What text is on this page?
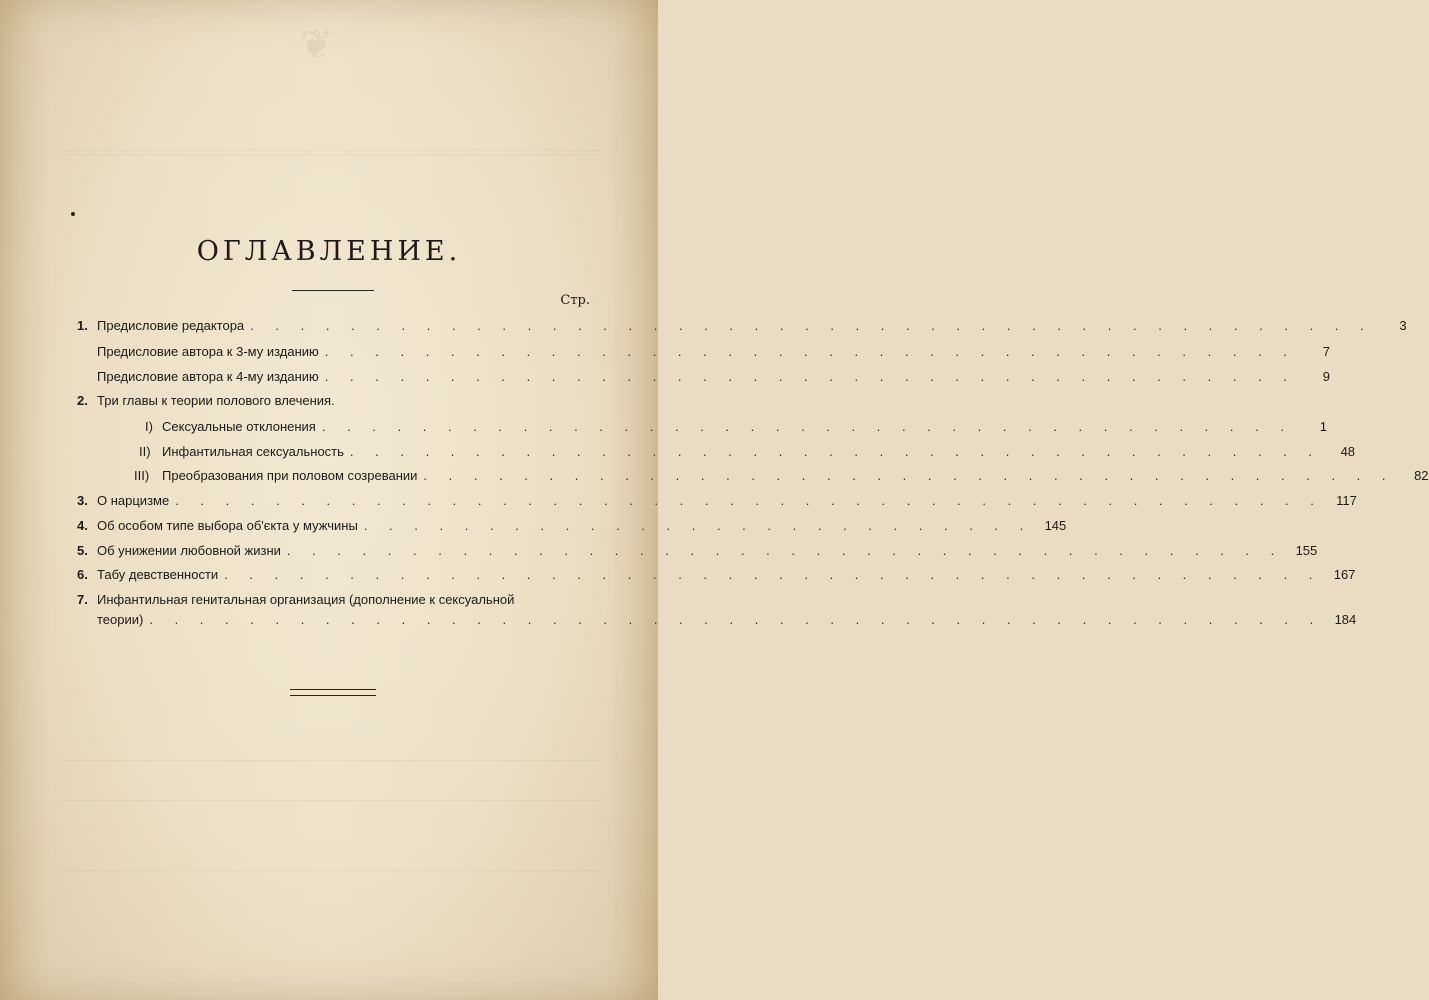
❦
ОГЛАВЛЕНИЕ.
Стр.
1. Предисловие редактора . . . . . . . . . . . . . . . . . . . . . . . . . . . . . . . . . . . . . . . . . . . . .	3
Предисловие автора к 3-му изданию . . . . . . . . . . . . . . . . . . . . . . . . . . . . . . . . . . . . . . .	7
Предисловие автора к 4-му изданию . . . . . . . . . . . . . . . . . . . . . . . . . . . . . . . . . . . . . . .	9
2. Три главы к теории полового влечения.
I) Сексуальные отклонения . . . . . . . . . . . . . . . . . . . . . . . . . . . . . . . . . . . . . . .	1
II) Инфантильная сексуальность . . . . . . . . . . . . . . . . . . . . . . . . . . . . . . . . . . . . . . .	48
III) Преобразования при половом созревании . . . . . . . . . . . . . . . . . . . . . . . . . . . . . . . . . . . . . . .	82
3. О нарцизме . . . . . . . . . . . . . . . . . . . . . . . . . . . . . . . . . . . . . . . . . . . . . .	117
4. Об особом типе выбора об'єкта у мужчины . . . . . . . . . . . . . . . . . . . . . . . . . . . 145
5. Об унижении любовной жизни . . . . . . . . . . . . . . . . . . . . . . . . . . . . . . . . . . . . . . . . 155
6. Табу девственности . . . . . . . . . . . . . . . . . . . . . . . . . . . . . . . . . . . . . . . . . . . . 167
7. Инфантильная генитальная организация (дополнение к сексуальной
теории) . . . . . . . . . . . . . . . . . . . . . . . . . . . . . . . . . . . . . . . . . . . . . . . 184
